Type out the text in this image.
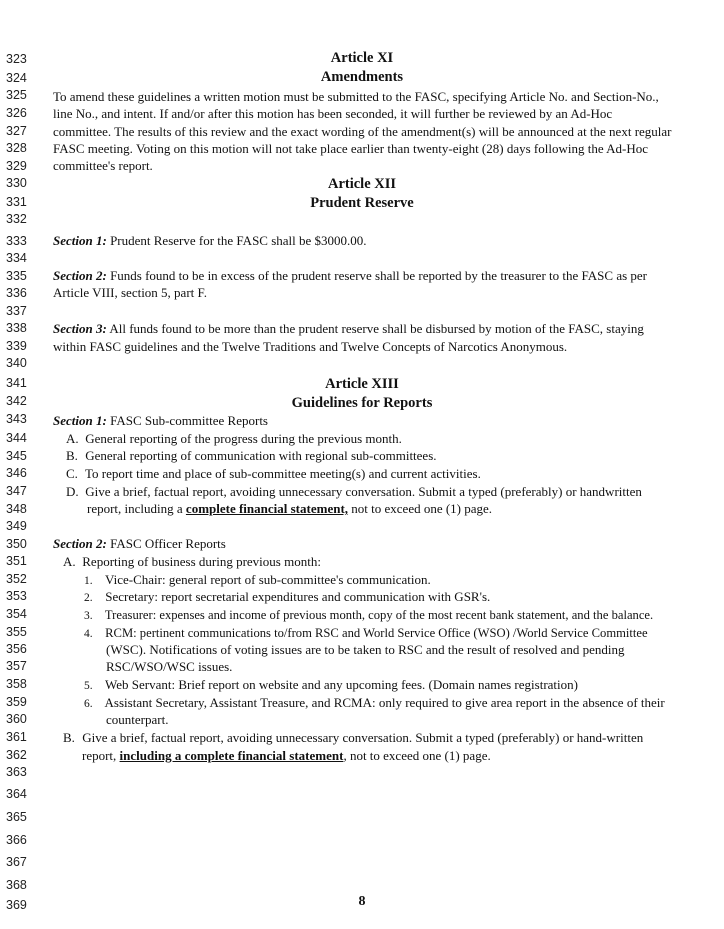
323
324
325
326
327
328
329
330
331
332
333
334
335
336
337
338
339
340
341
342
343
344
345
346
347
348
349
350
351
352
353
354
355
356
357
358
359
360
361
362
363
364
365
366
367
368
369
Article XI
Amendments
To amend these guidelines a written motion must be submitted to the FASC, specifying Article No. and Section-No.,
line No., and intent. If and/or after this motion has been seconded, it will further be reviewed by an Ad-Hoc
committee. The results of this review and the exact wording of the amendment(s) will be announced at the next regular
FASC meeting. Voting on this motion will not take place earlier than twenty-eight (28) days following the Ad-Hoc
committee's report.
Article XII
Prudent Reserve
Section 1: Prudent Reserve for the FASC shall be $3000.00.
Section 2: Funds found to be in excess of the prudent reserve shall be reported by the treasurer to the FASC as per
Article VIII, section 5, part F.
Section 3: All funds found to be more than the prudent reserve shall be disbursed by motion of the FASC, staying
within FASC guidelines and the Twelve Traditions and Twelve Concepts of Narcotics Anonymous.
Article XIII
Guidelines for Reports
Section 1: FASC Sub-committee Reports
A. General reporting of the progress during the previous month.
B. General reporting of communication with regional sub-committees.
C. To report time and place of sub-committee meeting(s) and current activities.
D. Give a brief, factual report, avoiding unnecessary conversation. Submit a typed (preferably) or handwritten
report, including a complete financial statement, not to exceed one (1) page.
Section 2: FASC Officer Reports
A. Reporting of business during previous month:
1. Vice-Chair: general report of sub-committee's communication.
2. Secretary: report secretarial expenditures and communication with GSR's.
3. Treasurer: expenses and income of previous month, copy of the most recent bank statement, and the balance.
4. RCM: pertinent communications to/from RSC and World Service Office (WSO) /World Service Committee
(WSC). Notifications of voting issues are to be taken to RSC and the result of resolved and pending
RSC/WSO/WSC issues.
5. Web Servant: Brief report on website and any upcoming fees. (Domain names registration)
6. Assistant Secretary, Assistant Treasure, and RCMA: only required to give area report in the absence of their
counterpart.
B. Give a brief, factual report, avoiding unnecessary conversation. Submit a typed (preferably) or hand-written
report, including a complete financial statement, not to exceed one (1) page.
8
